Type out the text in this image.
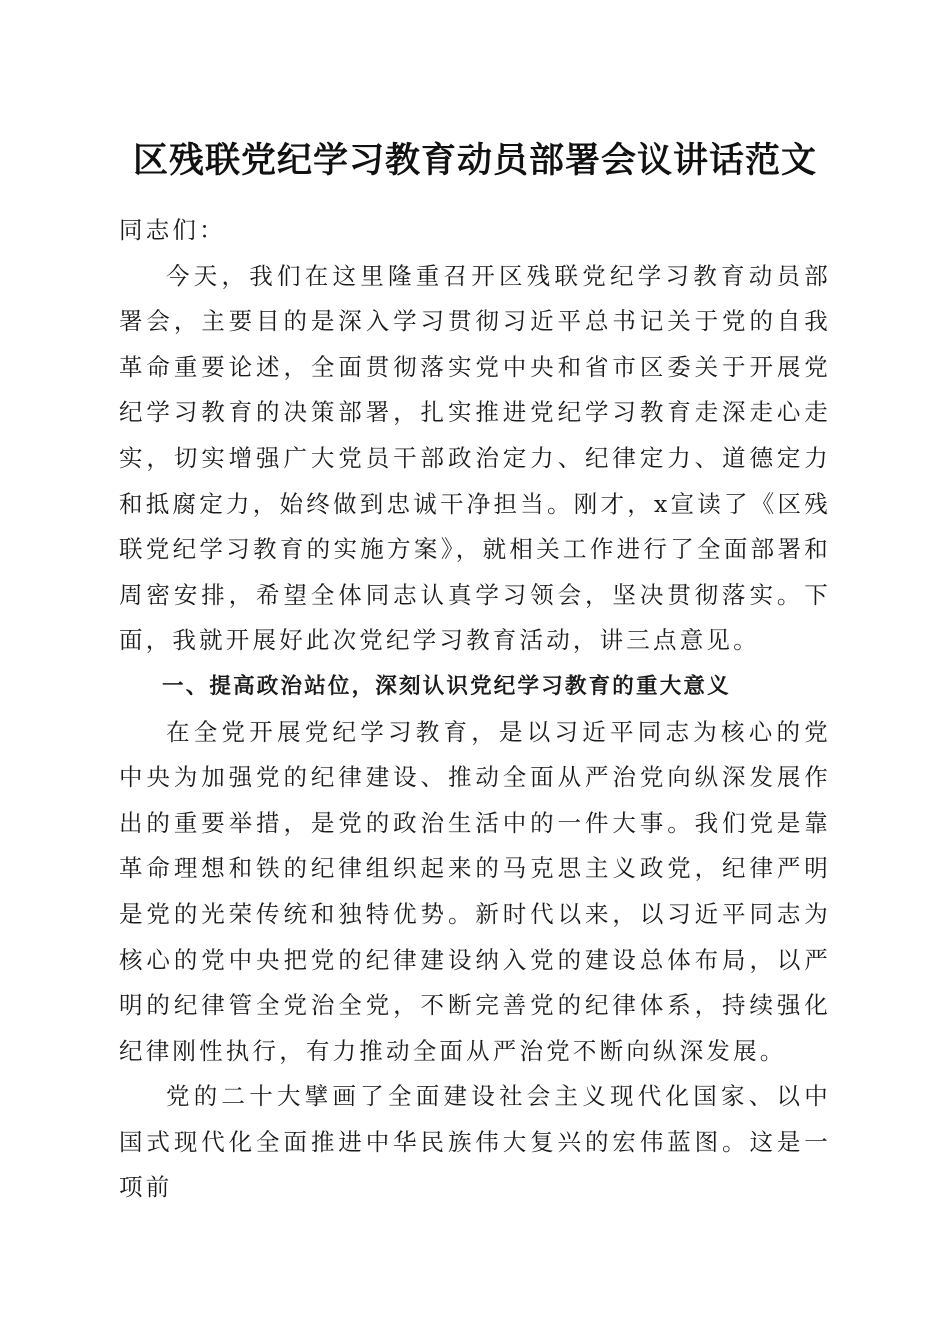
区残联党纪学习教育动员部署会议讲话范文

同志们：

今天，我们在这里隆重召开区残联党纪学习教育动员部署会，主要目的是深入学习贯彻习近平总书记关于党的自我革命重要论述，全面贯彻落实党中央和省市区委关于开展党纪学习教育的决策部署，扎实推进党纪学习教育走深走心走实，切实增强广大党员干部政治定力、纪律定力、道德定力和抵腐定力，始终做到忠诚干净担当。刚才，x宣读了《区残联党纪学习教育的实施方案》，就相关工作进行了全面部署和周密安排，希望全体同志认真学习领会，坚决贯彻落实。下面，我就开展好此次党纪学习教育活动，讲三点意见。

一、提高政治站位，深刻认识党纪学习教育的重大意义

在全党开展党纪学习教育，是以习近平同志为核心的党中央为加强党的纪律建设、推动全面从严治党向纵深发展作出的重要举措，是党的政治生活中的一件大事。我们党是靠革命理想和铁的纪律组织起来的马克思主义政党，纪律严明是党的光荣传统和独特优势。新时代以来，以习近平同志为核心的党中央把党的纪律建设纳入党的建设总体布局，以严明的纪律管全党治全党，不断完善党的纪律体系，持续强化纪律刚性执行，有力推动全面从严治党不断向纵深发展。

党的二十大擘画了全面建设社会主义现代化国家、以中国式现代化全面推进中华民族伟大复兴的宏伟蓝图。这是一项前
